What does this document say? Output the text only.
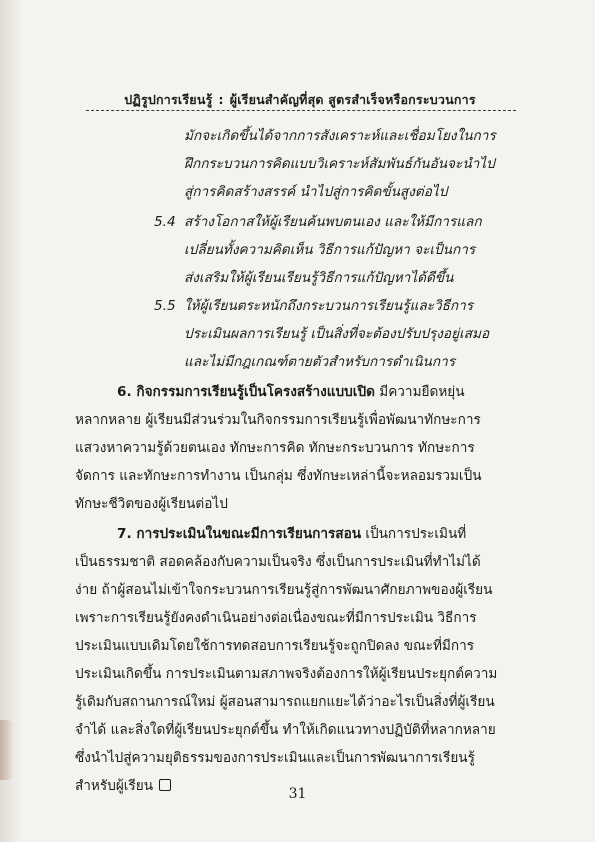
ปฏิรูปการเรียนรู้ : ผู้เรียนสำคัญที่สุด สูตรสำเร็จหรือกระบวนการ
มักจะเกิดขึ้นได้จากการสังเคราะห์และเชื่อมโยงในการ
ฝึกกระบวนการคิดแบบวิเคราะห์สัมพันธ์กันอันจะนำไป
สู่การคิดสร้างสรรค์ นำไปสู่การคิดขั้นสูงต่อไป
5.4 สร้างโอกาสให้ผู้เรียนค้นพบตนเอง และให้มีการแลก
เปลี่ยนทั้งความคิดเห็น วิธีการแก้ปัญหา จะเป็นการ
ส่งเสริมให้ผู้เรียนเรียนรู้วิธีการแก้ปัญหาได้ดีขึ้น
5.5 ให้ผู้เรียนตระหนักถึงกระบวนการเรียนรู้และวิธีการ
ประเมินผลการเรียนรู้ เป็นสิ่งที่จะต้องปรับปรุงอยู่เสมอ
และไม่มีกฎเกณฑ์ตายตัวสำหรับการดำเนินการ
6. กิจกรรมการเรียนรู้เป็นโครงสร้างแบบเปิด มีความยืดหยุ่น
หลากหลาย ผู้เรียนมีส่วนร่วมในกิจกรรมการเรียนรู้เพื่อพัฒนาทักษะการ
แสวงหาความรู้ด้วยตนเอง ทักษะการคิด ทักษะกระบวนการ ทักษะการ
จัดการ และทักษะการทำงาน เป็นกลุ่ม ซึ่งทักษะเหล่านี้จะหลอมรวมเป็น
ทักษะชีวิตของผู้เรียนต่อไป
7. การประเมินในขณะมีการเรียนการสอน เป็นการประเมินที่
เป็นธรรมชาติ สอดคล้องกับความเป็นจริง ซึ่งเป็นการประเมินที่ทำไม่ได้
ง่าย ถ้าผู้สอนไม่เข้าใจกระบวนการเรียนรู้สู่การพัฒนาศักยภาพของผู้เรียน
เพราะการเรียนรู้ยังคงดำเนินอย่างต่อเนื่องขณะที่มีการประเมิน วิธีการ
ประเมินแบบเดิมโดยใช้การทดสอบการเรียนรู้จะถูกปิดลง ขณะที่มีการ
ประเมินเกิดขึ้น การประเมินตามสภาพจริงต้องการให้ผู้เรียนประยุกต์ความ
รู้เดิมกับสถานการณ์ใหม่ ผู้สอนสามารถแยกแยะได้ว่าอะไรเป็นสิ่งที่ผู้เรียน
จำได้ และสิ่งใดที่ผู้เรียนประยุกต์ขึ้น ทำให้เกิดแนวทางปฏิบัติที่หลากหลาย
ซึ่งนำไปสู่ความยุติธรรมของการประเมินและเป็นการพัฒนาการเรียนรู้
สำหรับผู้เรียน	31
